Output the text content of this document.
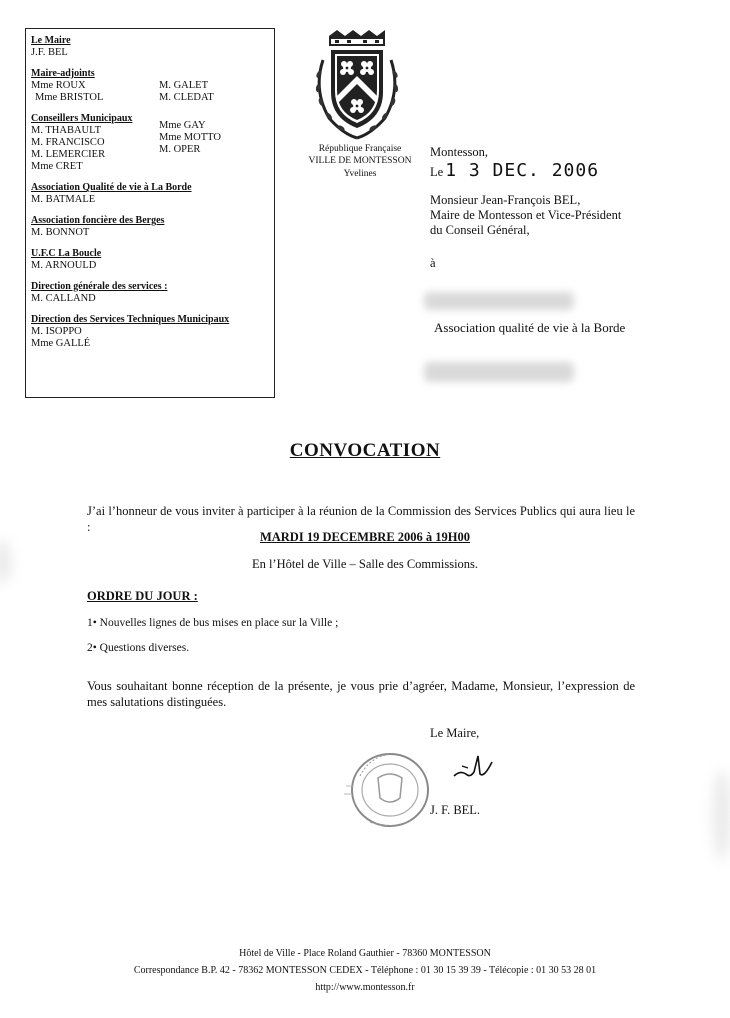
Le Maire
J.F. BEL
Maire-adjoints
Mme ROUX
Mme BRISTOL
M. GALET
M. CLEDAT
Conseillers Municipaux
M. THABAULT
M. FRANCISCO
M. LEMERCIER
Mme CRET
Mme GAY
Mme MOTTO
M. OPER
Association Qualité de vie à La Borde
M. BATMALE
Association foncière des Berges
M. BONNOT
U.F.C La Boucle
M. ARNOULD
Direction générale des services :
M. CALLAND
Direction des Services Techniques Municipaux
M. ISOPPO
Mme GALLÉ
République Française
VILLE DE MONTESSON
Yvelines
Montesson,
Le 1 3 DEC. 2006
Monsieur Jean-François BEL,
Maire de Montesson et Vice-Président
du Conseil Général,
à
Association qualité de vie à la Borde
CONVOCATION
J’ai l’honneur de vous inviter à participer à la réunion de la Commission des Services Publics qui aura lieu le :
MARDI 19 DECEMBRE 2006 à 19H00
En l’Hôtel de Ville – Salle des Commissions.
ORDRE DU JOUR :
1• Nouvelles lignes de bus mises en place sur la Ville ;
2• Questions diverses.
Vous souhaitant bonne réception de la présente, je vous prie d’agréer, Madame, Monsieur, l’expression de mes salutations distinguées.
Le Maire,
J. F. BEL.
Hôtel de Ville - Place Roland Gauthier - 78360 MONTESSON
Correspondance B.P. 42 - 78362 MONTESSON CEDEX - Téléphone : 01 30 15 39 39 - Télécopie : 01 30 53 28 01
http://www.montesson.fr
